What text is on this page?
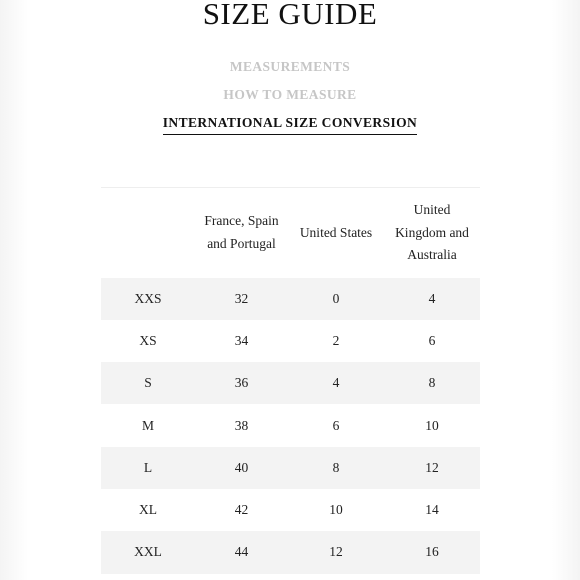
SIZE GUIDE
MEASUREMENTS
HOW TO MEASURE
INTERNATIONAL SIZE CONVERSION
	France, Spain and Portugal	United States	United Kingdom and Australia
XXS	32	0	4
XS	34	2	6
S	36	4	8
M	38	6	10
L	40	8	12
XL	42	10	14
XXL	44	12	16
